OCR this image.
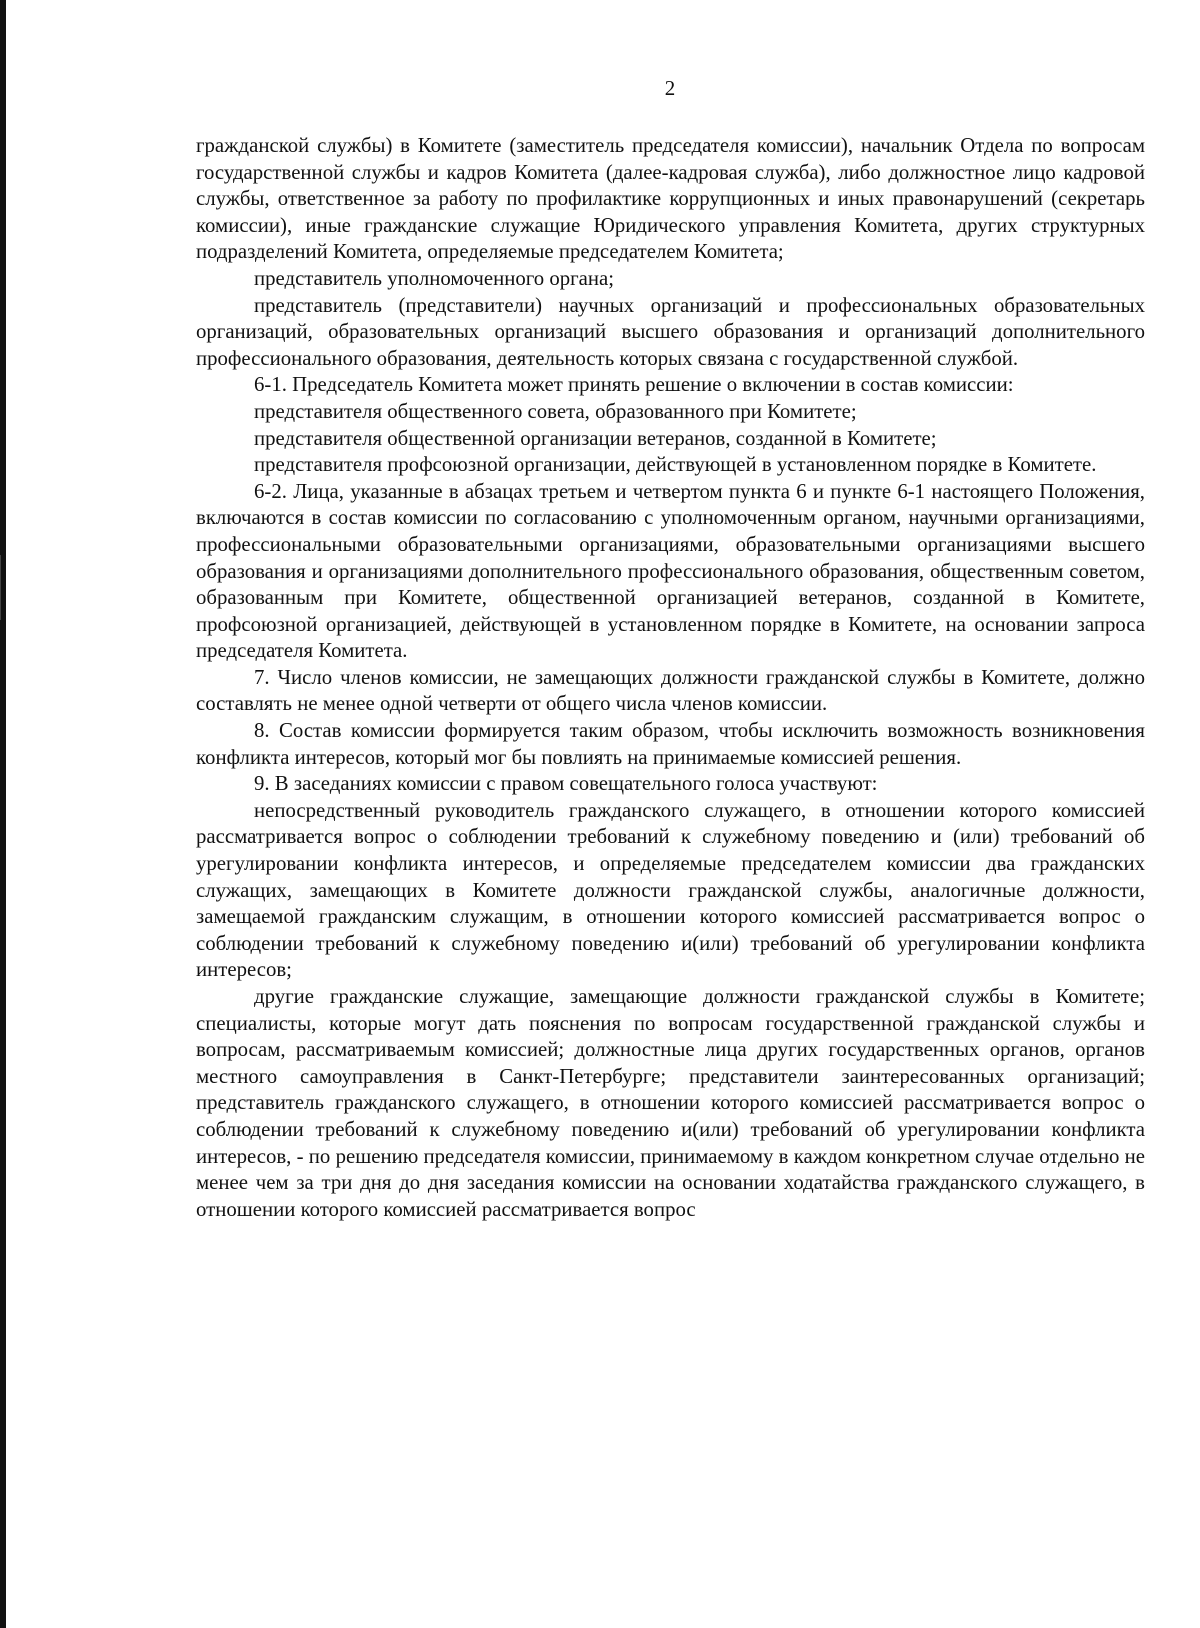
2

гражданской службы) в Комитете (заместитель председателя комиссии), начальник Отдела по вопросам государственной службы и кадров Комитета (далее-кадровая служба), либо должностное лицо кадровой службы, ответственное за работу по профилактике коррупционных и иных правонарушений (секретарь комиссии), иные гражданские служащие Юридического управления Комитета, других структурных подразделений Комитета, определяемые председателем Комитета;

представитель уполномоченного органа;

представитель (представители) научных организаций и профессиональных образовательных организаций, образовательных организаций высшего образования и организаций дополнительного профессионального образования, деятельность которых связана с государственной службой.

6-1. Председатель Комитета может принять решение о включении в состав комиссии:

представителя общественного совета, образованного при Комитете;

представителя общественной организации ветеранов, созданной в Комитете;

представителя профсоюзной организации, действующей в установленном порядке в Комитете.

6-2. Лица, указанные в абзацах третьем и четвертом пункта 6 и пункте 6-1 настоящего Положения, включаются в состав комиссии по согласованию с уполномоченным органом, научными организациями, профессиональными образовательными организациями, образовательными организациями высшего образования и организациями дополнительного профессионального образования, общественным советом, образованным при Комитете, общественной организацией ветеранов, созданной в Комитете, профсоюзной организацией, действующей в установленном порядке в Комитете, на основании запроса председателя Комитета.

7. Число членов комиссии, не замещающих должности гражданской службы в Комитете, должно составлять не менее одной четверти от общего числа членов комиссии.

8. Состав комиссии формируется таким образом, чтобы исключить возможность возникновения конфликта интересов, который мог бы повлиять на принимаемые комиссией решения.

9. В заседаниях комиссии с правом совещательного голоса участвуют:

непосредственный руководитель гражданского служащего, в отношении которого комиссией рассматривается вопрос о соблюдении требований к служебному поведению и (или) требований об урегулировании конфликта интересов, и определяемые председателем комиссии два гражданских служащих, замещающих в Комитете должности гражданской службы, аналогичные должности, замещаемой гражданским служащим, в отношении которого комиссией рассматривается вопрос о соблюдении требований к служебному поведению и(или) требований об урегулировании конфликта интересов;

другие гражданские служащие, замещающие должности гражданской службы в Комитете; специалисты, которые могут дать пояснения по вопросам государственной гражданской службы и вопросам, рассматриваемым комиссией; должностные лица других государственных органов, органов местного самоуправления в Санкт-Петербурге; представители заинтересованных организаций; представитель гражданского служащего, в отношении которого комиссией рассматривается вопрос о соблюдении требований к служебному поведению и(или) требований об урегулировании конфликта интересов, - по решению председателя комиссии, принимаемому в каждом конкретном случае отдельно не менее чем за три дня до дня заседания комиссии на основании ходатайства гражданского служащего, в отношении которого комиссией рассматривается вопрос
